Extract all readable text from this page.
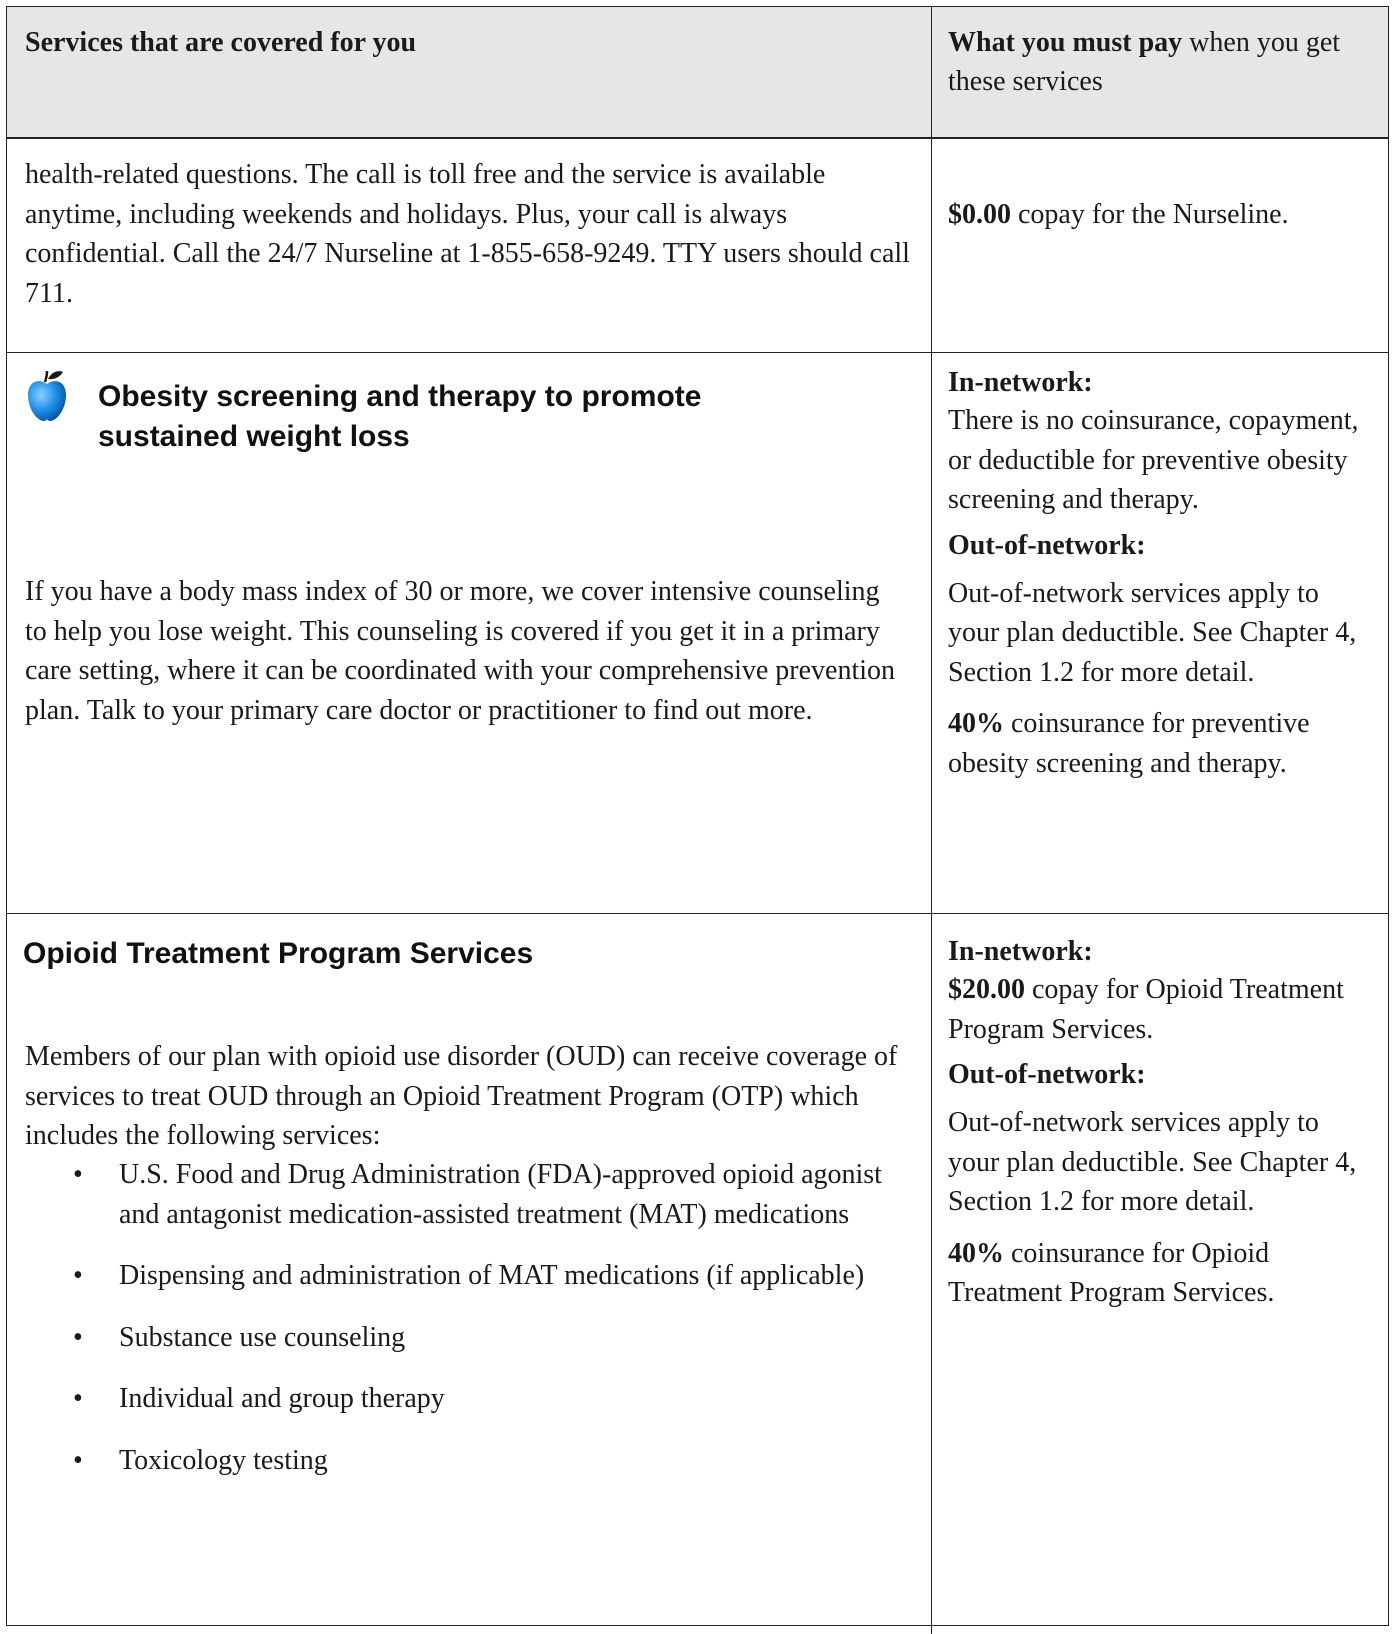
Services that are covered for you	What you must pay when you get these services

health-related questions. The call is toll free and the service is available anytime, including weekends and holidays. Plus, your call is always confidential. Call the 24/7 Nurseline at 1-855-658-9249. TTY users should call 711.

$0.00 copay for the Nurseline.
Obesity screening and therapy to promote sustained weight loss

If you have a body mass index of 30 or more, we cover intensive counseling to help you lose weight. This counseling is covered if you get it in a primary care setting, where it can be coordinated with your comprehensive prevention plan. Talk to your primary care doctor or practitioner to find out more.

In-network:

There is no coinsurance, copayment, or deductible for preventive obesity screening and therapy.

Out-of-network:

Out-of-network services apply to your plan deductible. See Chapter 4, Section 1.2 for more detail.

40% coinsurance for preventive obesity screening and therapy.

Opioid Treatment Program Services

Members of our plan with opioid use disorder (OUD) can receive coverage of services to treat OUD through an Opioid Treatment Program (OTP) which includes the following services:

• U.S. Food and Drug Administration (FDA)-approved opioid agonist and antagonist medication-assisted treatment (MAT) medications
• Dispensing and administration of MAT medications (if applicable)
• Substance use counseling
• Individual and group therapy
• Toxicology testing
In-network:

$20.00 copay for Opioid Treatment Program Services.

Out-of-network:

Out-of-network services apply to your plan deductible. See Chapter 4, Section 1.2 for more detail.

40% coinsurance for Opioid Treatment Program Services.
